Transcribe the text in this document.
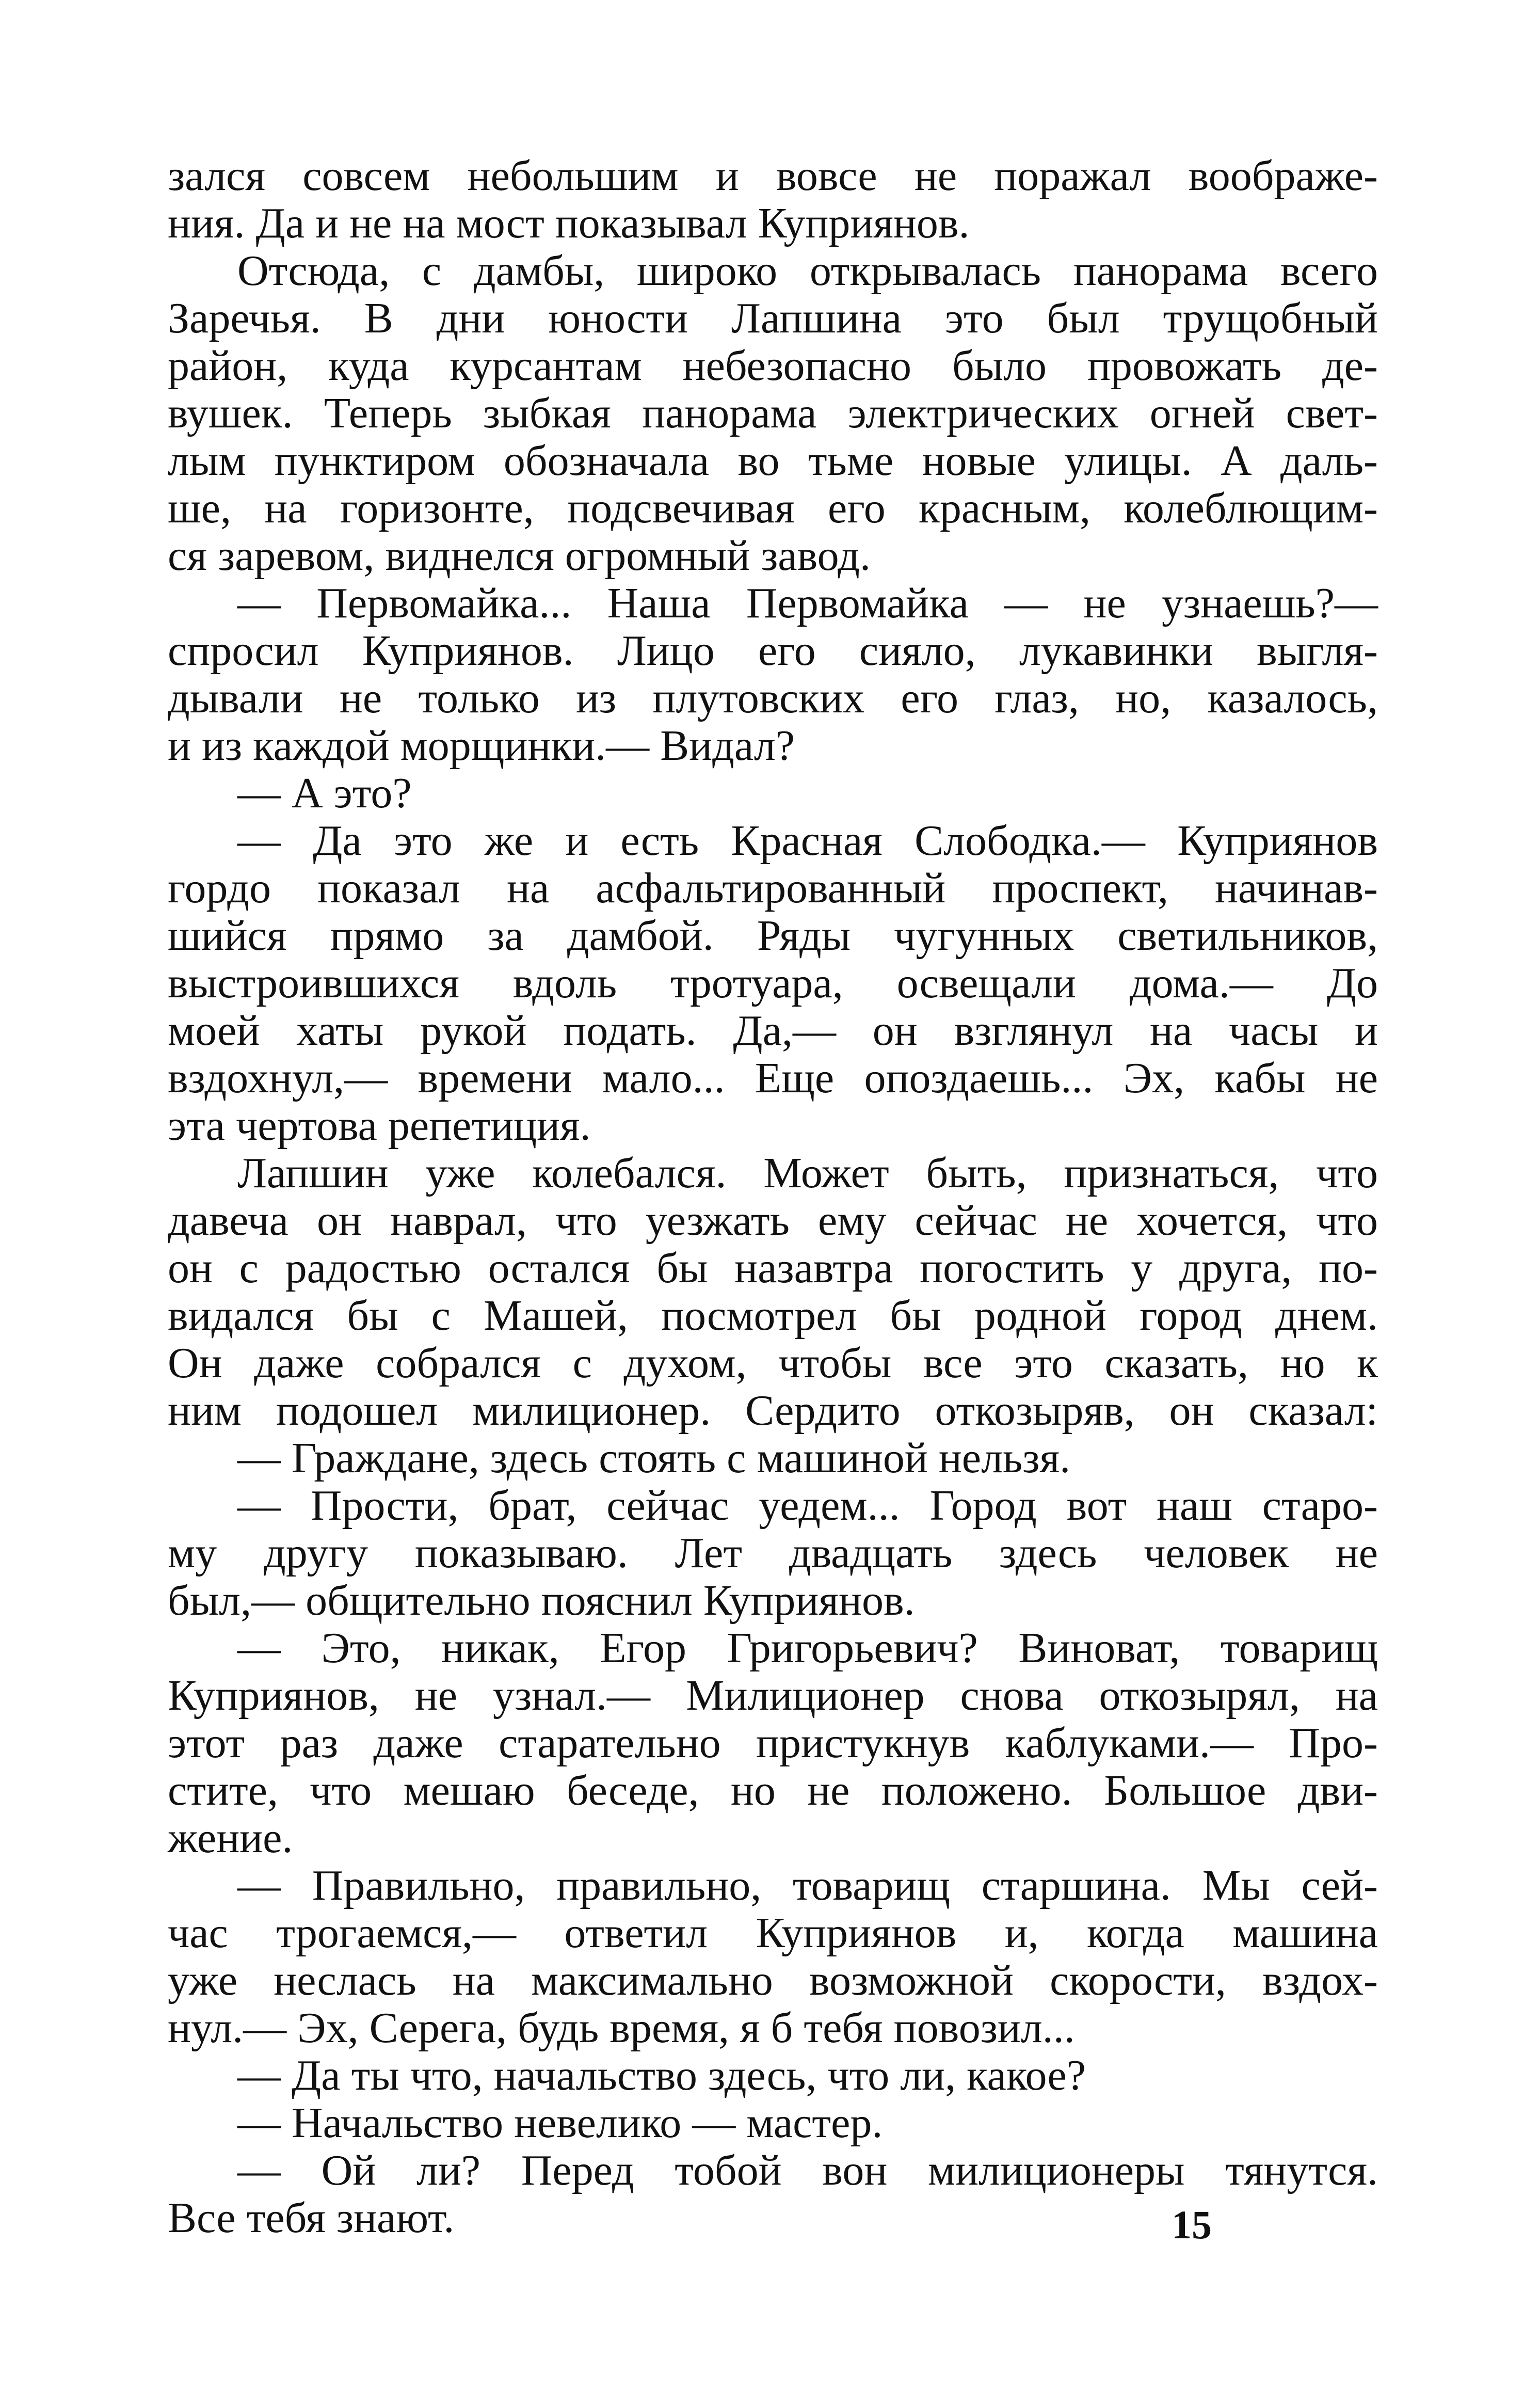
зался совсем небольшим и вовсе не поражал воображе-
ния. Да и не на мост показывал Куприянов.
Отсюда, с дамбы, широко открывалась панорама всего
Заречья. В дни юности Лапшина это был трущобный
район, куда курсантам небезопасно было провожать де-
вушек. Теперь зыбкая панорама электрических огней свет-
лым пунктиром обозначала во тьме новые улицы. А даль-
ше, на горизонте, подсвечивая его красным, колеблющим-
ся заревом, виднелся огромный завод.
— Первомайка... Наша Первомайка — не узнаешь?—
спросил Куприянов. Лицо его сияло, лукавинки выгля-
дывали не только из плутовских его глаз, но, казалось,
и из каждой морщинки.— Видал?
— А это?
— Да это же и есть Красная Слободка.— Куприянов
гордо показал на асфальтированный проспект, начинав-
шийся прямо за дамбой. Ряды чугунных светильников,
выстроившихся вдоль тротуара, освещали дома.— До
моей хаты рукой подать. Да,— он взглянул на часы и
вздохнул,— времени мало... Еще опоздаешь... Эх, кабы не
эта чертова репетиция.
Лапшин уже колебался. Может быть, признаться, что
давеча он наврал, что уезжать ему сейчас не хочется, что
он с радостью остался бы назавтра погостить у друга, по-
видался бы с Машей, посмотрел бы родной город днем.
Он даже собрался с духом, чтобы все это сказать, но к
ним подошел милиционер. Сердито откозыряв, он сказал:
— Граждане, здесь стоять с машиной нельзя.
— Прости, брат, сейчас уедем... Город вот наш старо-
му другу показываю. Лет двадцать здесь человек не
был,— общительно пояснил Куприянов.
— Это, никак, Егор Григорьевич? Виноват, товарищ
Куприянов, не узнал.— Милиционер снова откозырял, на
этот раз даже старательно пристукнув каблуками.— Про-
стите, что мешаю беседе, но не положено. Большое дви-
жение.
— Правильно, правильно, товарищ старшина. Мы сей-
час трогаемся,— ответил Куприянов и, когда машина
уже неслась на максимально возможной скорости, вздох-
нул.— Эх, Серега, будь время, я б тебя повозил...
— Да ты что, начальство здесь, что ли, какое?
— Начальство невелико — мастер.
— Ой ли? Перед тобой вон милиционеры тянутся.
Все тебя знают.	15
